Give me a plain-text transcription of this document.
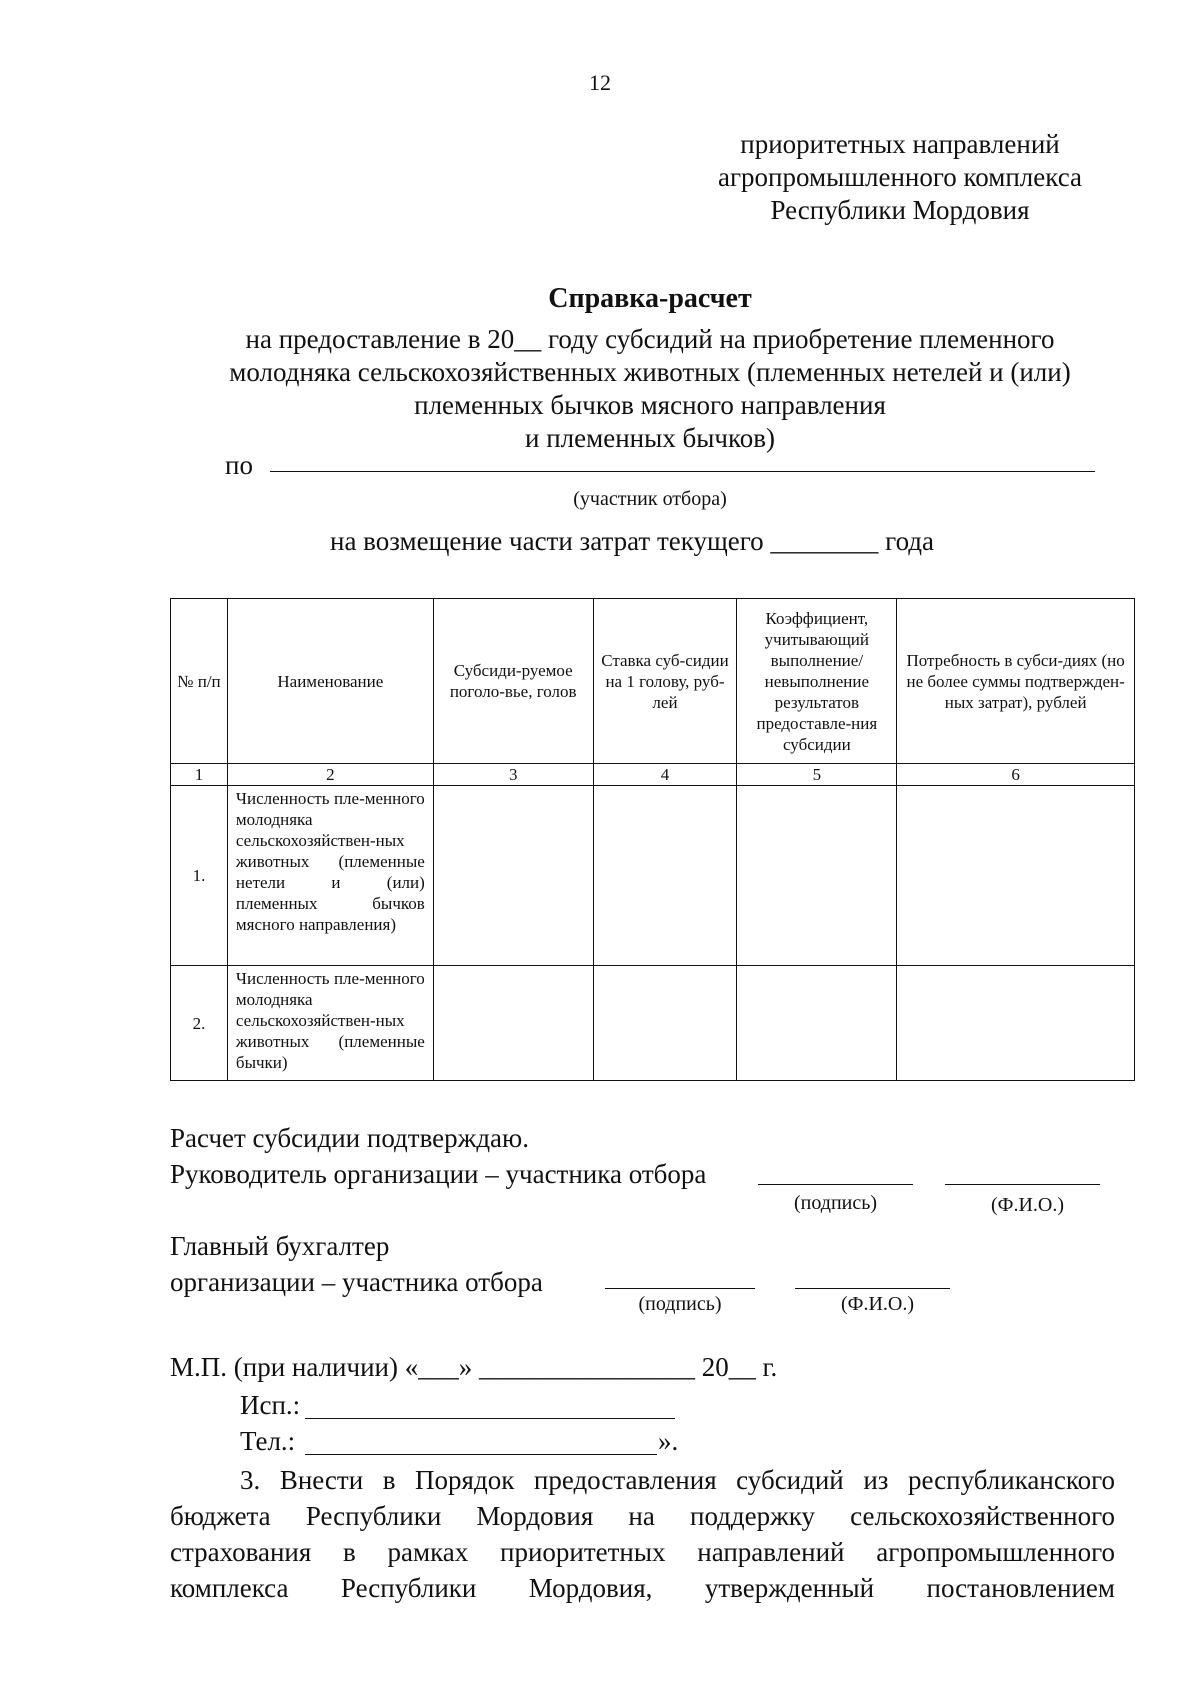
12
приоритетных направлений
агропромышленного комплекса
Республики Мордовия
Справка-расчет
на предоставление в 20__ году субсидий на приобретение племенного
молодняка сельскохозяйственных животных (племенных нетелей и (или)
племенных бычков мясного направления
и племенных бычков)
по
(участник отбора)
на возмещение части затрат текущего ________ года
№ п/п	Наименование	Субсиди-руемое поголо-вье, голов	Ставка суб-сидии на 1 голову, руб-лей	Коэффициент, учитывающий выполнение/ невыполнение результатов предоставле-ния субсидии	Потребность в субси-диях (но не более суммы подтвержден-ных затрат), рублей
1	2	3	4	5	6
1.	Численность пле-менного молодняка сельскохозяйствен-ных животных (племенные нетели и (или) племенных бычков мясного направления)				
2.	Численность пле-менного молодняка сельскохозяйствен-ных животных (племенные бычки)				
Расчет субсидии подтверждаю.
Руководитель организации – участника отбора
(подпись)	(Ф.И.О.)
Главный бухгалтер
организации – участника отбора
(подпись)	(Ф.И.О.)
М.П. (при наличии) «___» ________________ 20__ г.
Исп.:
Тел.:	».
3. Внести в Порядок предоставления субсидий из республиканского бюджета Республики Мордовия на поддержку сельскохозяйственного страхования в рамках приоритетных направлений агропромышленного комплекса Республики Мордовия, утвержденный постановлением
